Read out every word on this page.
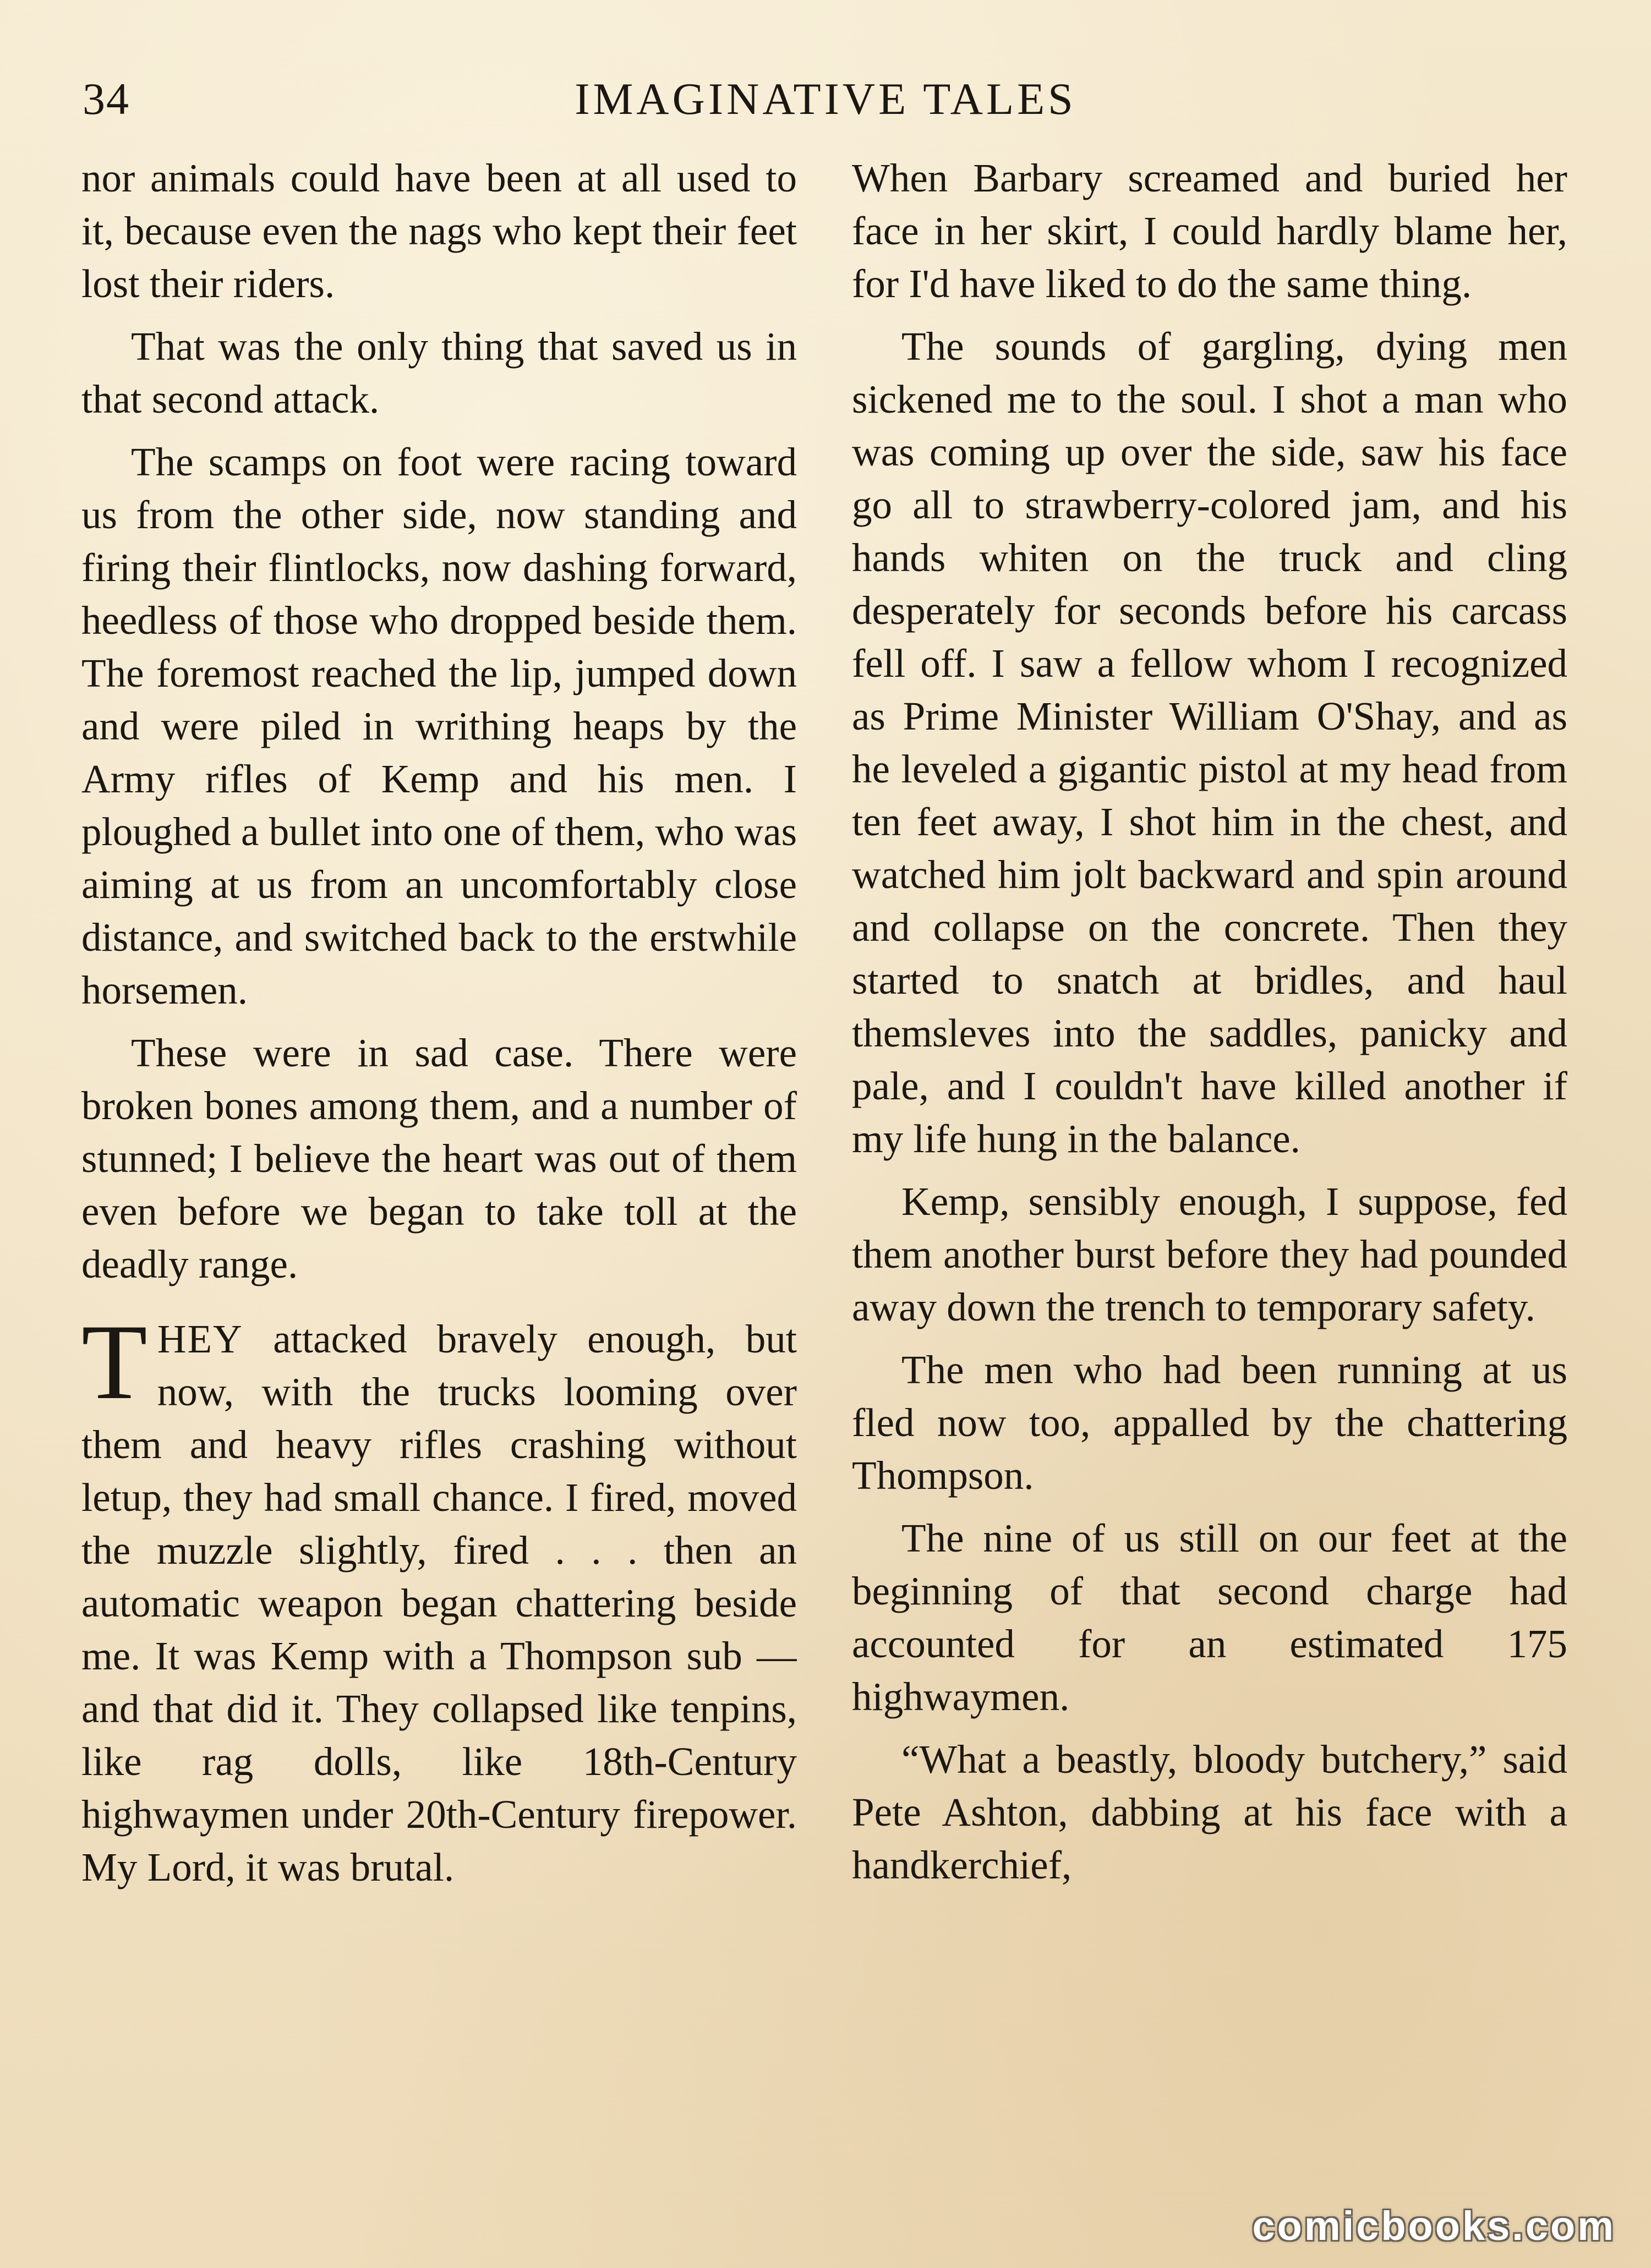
34	IMAGINATIVE TALES

nor animals could have been at all used to it, because even the nags who kept their feet lost their riders.

That was the only thing that saved us in that second attack.

The scamps on foot were racing toward us from the other side, now standing and firing their flintlocks, now dashing forward, heedless of those who dropped beside them. The foremost reached the lip, jumped down and were piled in writhing heaps by the Army rifles of Kemp and his men. I ploughed a bullet into one of them, who was aiming at us from an uncomfortably close distance, and switched back to the erstwhile horsemen.

These were in sad case. There were broken bones among them, and a number of stunned; I believe the heart was out of them even before we began to take toll at the deadly range.

THEY attacked bravely enough, but now, with the trucks looming over them and heavy rifles crashing without letup, they had small chance. I fired, moved the muzzle slightly, fired . . . then an automatic weapon began chattering beside me. It was Kemp with a Thompson sub — and that did it. They collapsed like tenpins, like rag dolls, like 18th-Century highwaymen under 20th-Century firepower. My Lord, it was brutal.

When Barbary screamed and buried her face in her skirt, I could hardly blame her, for I'd have liked to do the same thing.

The sounds of gargling, dying men sickened me to the soul. I shot a man who was coming up over the side, saw his face go all to strawberry-colored jam, and his hands whiten on the truck and cling desperately for seconds before his carcass fell off. I saw a fellow whom I recognized as Prime Minister William O'Shay, and as he leveled a gigantic pistol at my head from ten feet away, I shot him in the chest, and watched him jolt backward and spin around and collapse on the concrete. Then they started to snatch at bridles, and haul themsleves into the saddles, panicky and pale, and I couldn't have killed another if my life hung in the balance.

Kemp, sensibly enough, I suppose, fed them another burst before they had pounded away down the trench to temporary safety.

The men who had been running at us fled now too, appalled by the chattering Thompson.

The nine of us still on our feet at the beginning of that second charge had accounted for an estimated 175 highwaymen.

“What a beastly, bloody butchery,” said Pete Ashton, dabbing at his face with a handkerchief,

comicbooks.com
